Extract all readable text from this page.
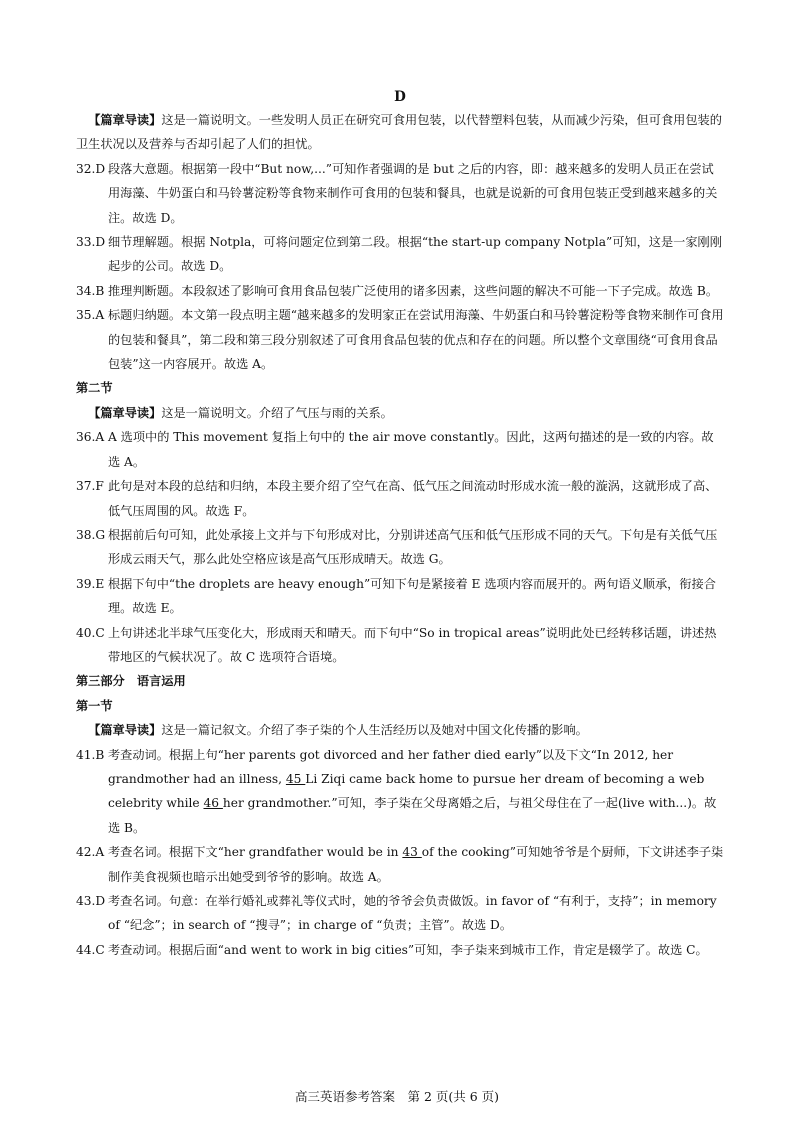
D

【篇章导读】这是一篇说明文。一些发明人员正在研究可食用包装，以代替塑料包装，从而减少污染，但可食用包装的卫生状况以及营养与否却引起了人们的担忧。

32.D 段落大意题。根据第一段中“But now,...”可知作者强调的是 but 之后的内容，即：越来越多的发明人员正在尝试用海藻、牛奶蛋白和马铃薯淀粉等食物来制作可食用的包装和餐具，也就是说新的可食用包装正受到越来越多的关注。故选 D。

33.D 细节理解题。根据 Notpla，可将问题定位到第二段。根据“the start-up company Notpla”可知，这是一家刚刚起步的公司。故选 D。

34.B 推理判断题。本段叙述了影响可食用食品包装广泛使用的诸多因素，这些问题的解决不可能一下子完成。故选 B。

35.A 标题归纳题。本文第一段点明主题“越来越多的发明家正在尝试用海藻、牛奶蛋白和马铃薯淀粉等食物来制作可食用的包装和餐具”，第二段和第三段分别叙述了可食用食品包装的优点和存在的问题。所以整个文章围绕“可食用食品包装”这一内容展开。故选 A。

第二节

【篇章导读】这是一篇说明文。介绍了气压与雨的关系。

36.A A 选项中的 This movement 复指上句中的 the air move constantly。因此，这两句描述的是一致的内容。故选 A。

37.F 此句是对本段的总结和归纳，本段主要介绍了空气在高、低气压之间流动时形成水流一般的漩涡，这就形成了高、低气压周围的风。故选 F。

38.G 根据前后句可知，此处承接上文并与下句形成对比，分别讲述高气压和低气压形成不同的天气。下句是有关低气压形成云雨天气，那么此处空格应该是高气压形成晴天。故选 G。

39.E 根据下句中“the droplets are heavy enough”可知下句是紧接着 E 选项内容而展开的。两句语义顺承，衔接合理。故选 E。

40.C 上句讲述北半球气压变化大，形成雨天和晴天。而下句中“So in tropical areas”说明此处已经转移话题，讲述热带地区的气候状况了。故 C 选项符合语境。

第三部分　语言运用

第一节

【篇章导读】这是一篇记叙文。介绍了李子柒的个人生活经历以及她对中国文化传播的影响。

41.B 考查动词。根据上句“her parents got divorced and her father died early”以及下文“In 2012, her grandmother had an illness, 45 Li Ziqi came back home to pursue her dream of becoming a web celebrity while 46 her grandmother.”可知，李子柒在父母离婚之后，与祖父母住在了一起(live with...)。故选 B。

42.A 考查名词。根据下文“her grandfather would be in 43 of the cooking”可知她爷爷是个厨师，下文讲述李子柒制作美食视频也暗示出她受到爷爷的影响。故选 A。

43.D 考查名词。句意：在举行婚礼或葬礼等仪式时，她的爷爷会负责做饭。in favor of “有利于，支持”；in memory of “纪念”；in search of “搜寻”；in charge of “负责；主管”。故选 D。

44.C 考查动词。根据后面“and went to work in big cities”可知，李子柒来到城市工作，肯定是辍学了。故选 C。

高三英语参考答案　第 2 页(共 6 页)
